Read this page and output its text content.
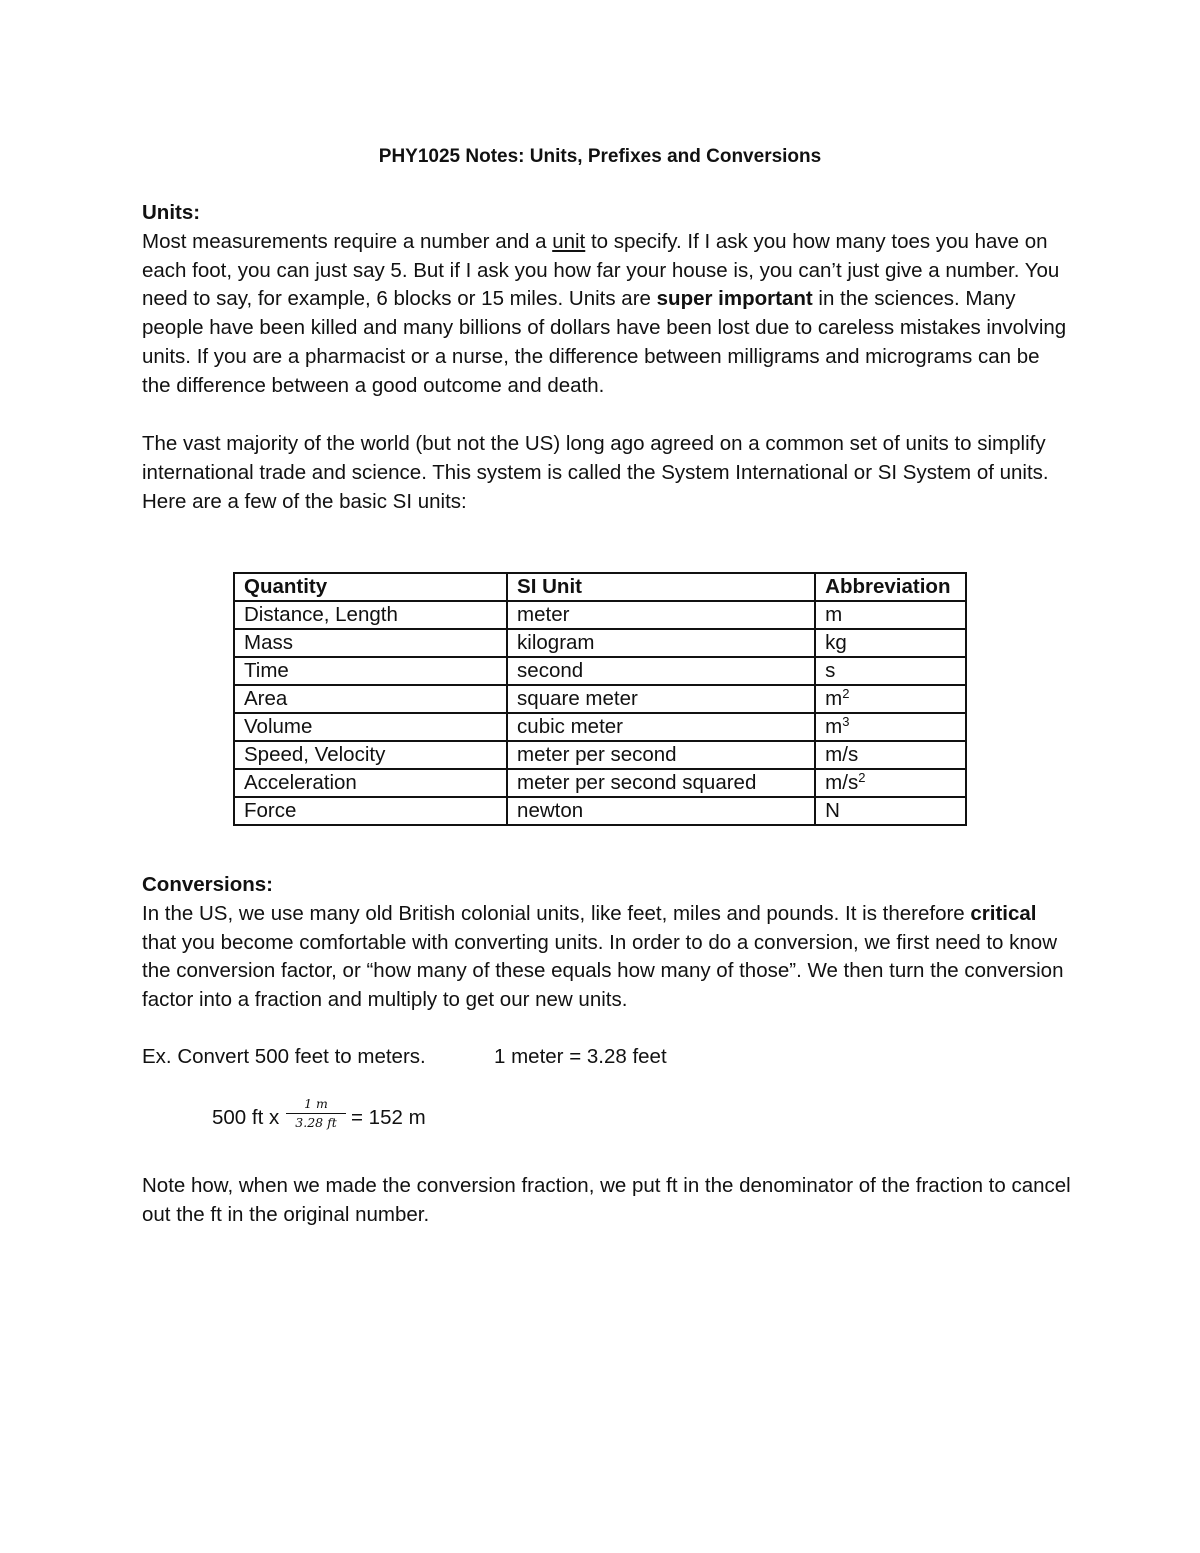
PHY1025 Notes: Units, Prefixes and Conversions
Units:
Most measurements require a number and a unit to specify. If I ask you how many toes you have on each foot, you can just say 5. But if I ask you how far your house is, you can’t just give a number. You need to say, for example, 6 blocks or 15 miles. Units are super important in the sciences. Many people have been killed and many billions of dollars have been lost due to careless mistakes involving units. If you are a pharmacist or a nurse, the difference between milligrams and micrograms can be the difference between a good outcome and death.
The vast majority of the world (but not the US) long ago agreed on a common set of units to simplify international trade and science. This system is called the System International or SI System of units. Here are a few of the basic SI units:
Quantity	SI Unit	Abbreviation
Distance, Length	meter	m
Mass	kilogram	kg
Time	second	s
Area	square meter	$m^2$
Volume	cubic meter	$m^3$
Speed, Velocity	meter per second	m/s
Acceleration	meter per second squared	$m/s^2$
Force	newton	N
Conversions:
In the US, we use many old British colonial units, like feet, miles and pounds. It is therefore critical that you become comfortable with converting units. In order to do a conversion, we first need to know the conversion factor, or “how many of these equals how many of those”. We then turn the conversion factor into a fraction and multiply to get our new units.
Ex. Convert 500 feet to meters.	1 meter = 3.28 feet
500 ft x $\frac{1 m}{3.28 ft} = 152$ m
Note how, when we made the conversion fraction, we put ft in the denominator of the fraction to cancel out the ft in the original number.
